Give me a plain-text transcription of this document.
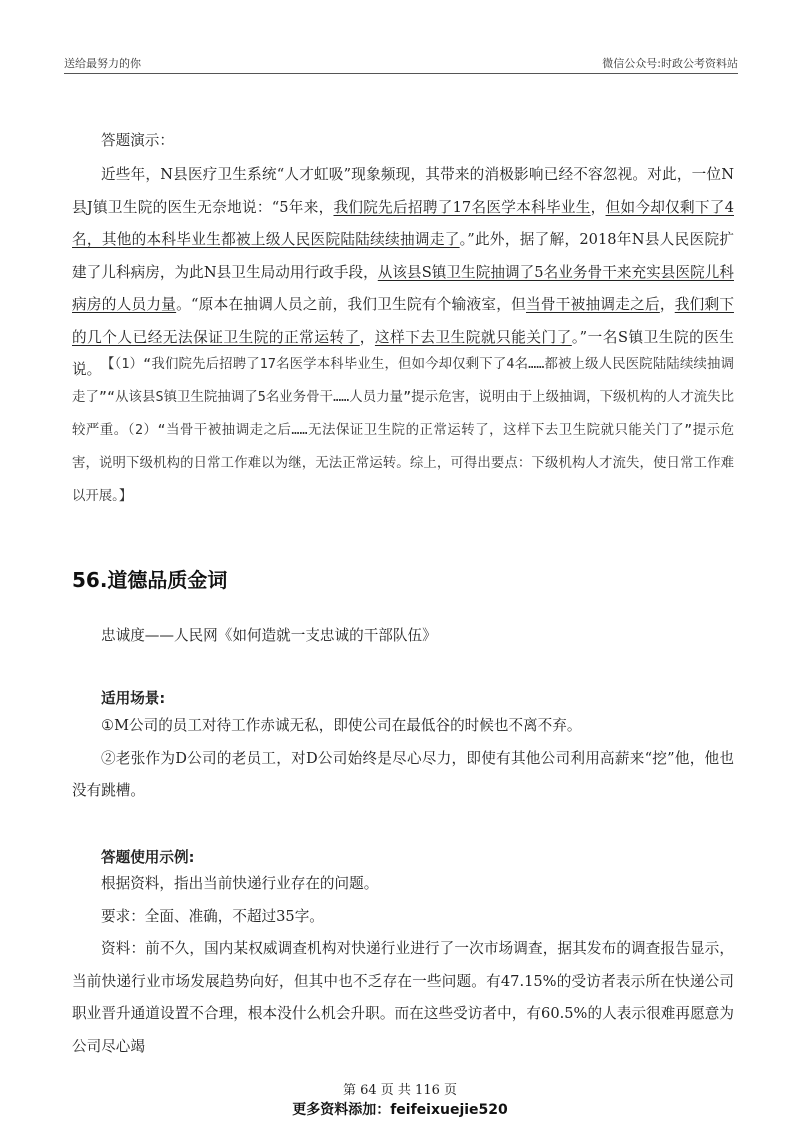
送给最努力的你	微信公众号:时政公考资料站
答题演示：

近些年，N县医疗卫生系统“人才虹吸”现象频现，其带来的消极影响已经不容忽视。对此，一位N县J镇卫生院的医生无奈地说：“5年来，我们院先后招聘了17名医学本科毕业生，但如今却仅剩下了4名，其他的本科毕业生都被上级人民医院陆陆续续抽调走了。”此外，据了解，2018年N县人民医院扩建了儿科病房，为此N县卫生局动用行政手段，从该县S镇卫生院抽调了5名业务骨干来充实县医院儿科病房的人员力量。“原本在抽调人员之前，我们卫生院有个输液室，但当骨干被抽调走之后，我们剩下的几个人已经无法保证卫生院的正常运转了，这样下去卫生院就只能关门了。”一名S镇卫生院的医生说。 【（1）“我们院先后招聘了17名医学本科毕业生，但如今却仅剩下了4名……都被上级人民医院陆陆续续抽调走了”“从该县S镇卫生院抽调了5名业务骨干……人员力量”提示危害，说明由于上级抽调，下级机构的人才流失比较严重。（2）“当骨干被抽调走之后……无法保证卫生院的正常运转了，这样下去卫生院就只能关门了”提示危害，说明下级机构的日常工作难以为继，无法正常运转。综上，可得出要点：下级机构人才流失，使日常工作难以开展。】

56.道德品质金词
忠诚度——人民网《如何造就一支忠诚的干部队伍》
适用场景:

①M公司的员工对待工作赤诚无私，即使公司在最低谷的时候也不离不弃。

②老张作为D公司的老员工，对D公司始终是尽心尽力，即使有其他公司利用高薪来“挖”他，他也没有跳槽。

答题使用示例:

根据资料，指出当前快递行业存在的问题。

要求：全面、准确，不超过35字。

资料：前不久，国内某权威调查机构对快递行业进行了一次市场调查，据其发布的调查报告显示，当前快递行业市场发展趋势向好，但其中也不乏存在一些问题。有47.15%的受访者表示所在快递公司职业晋升通道设置不合理，根本没什么机会升职。而在这些受访者中，有60.5%的人表示很难再愿意为公司尽心竭

第 64 页 共 116 页
更多资料添加：feifeixuejie520
